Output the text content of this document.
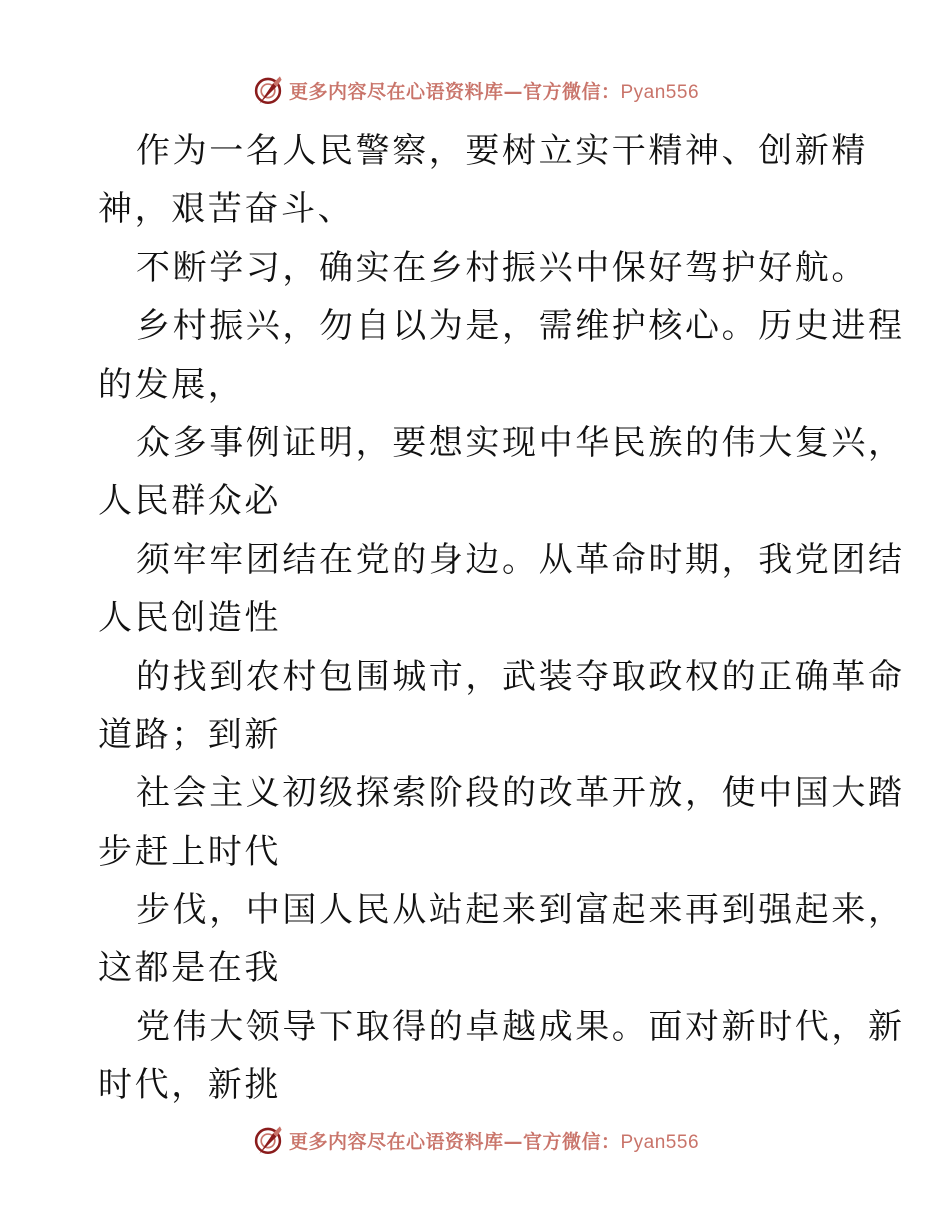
更多内容尽在心语资料库—官方微信：Pyan556
作为一名人民警察，要树立实干精神、创新精
神，艰苦奋斗、
不断学习，确实在乡村振兴中保好驾护好航。
乡村振兴，勿自以为是，需维护核心。历史进程
的发展，
众多事例证明，要想实现中华民族的伟大复兴，
人民群众必
须牢牢团结在党的身边。从革命时期，我党团结
人民创造性
的找到农村包围城市，武装夺取政权的正确革命
道路；到新
社会主义初级探索阶段的改革开放，使中国大踏
步赶上时代
步伐，中国人民从站起来到富起来再到强起来，
这都是在我
党伟大领导下取得的卓越成果。面对新时代，新
时代，新挑
更多内容尽在心语资料库—官方微信：Pyan556
